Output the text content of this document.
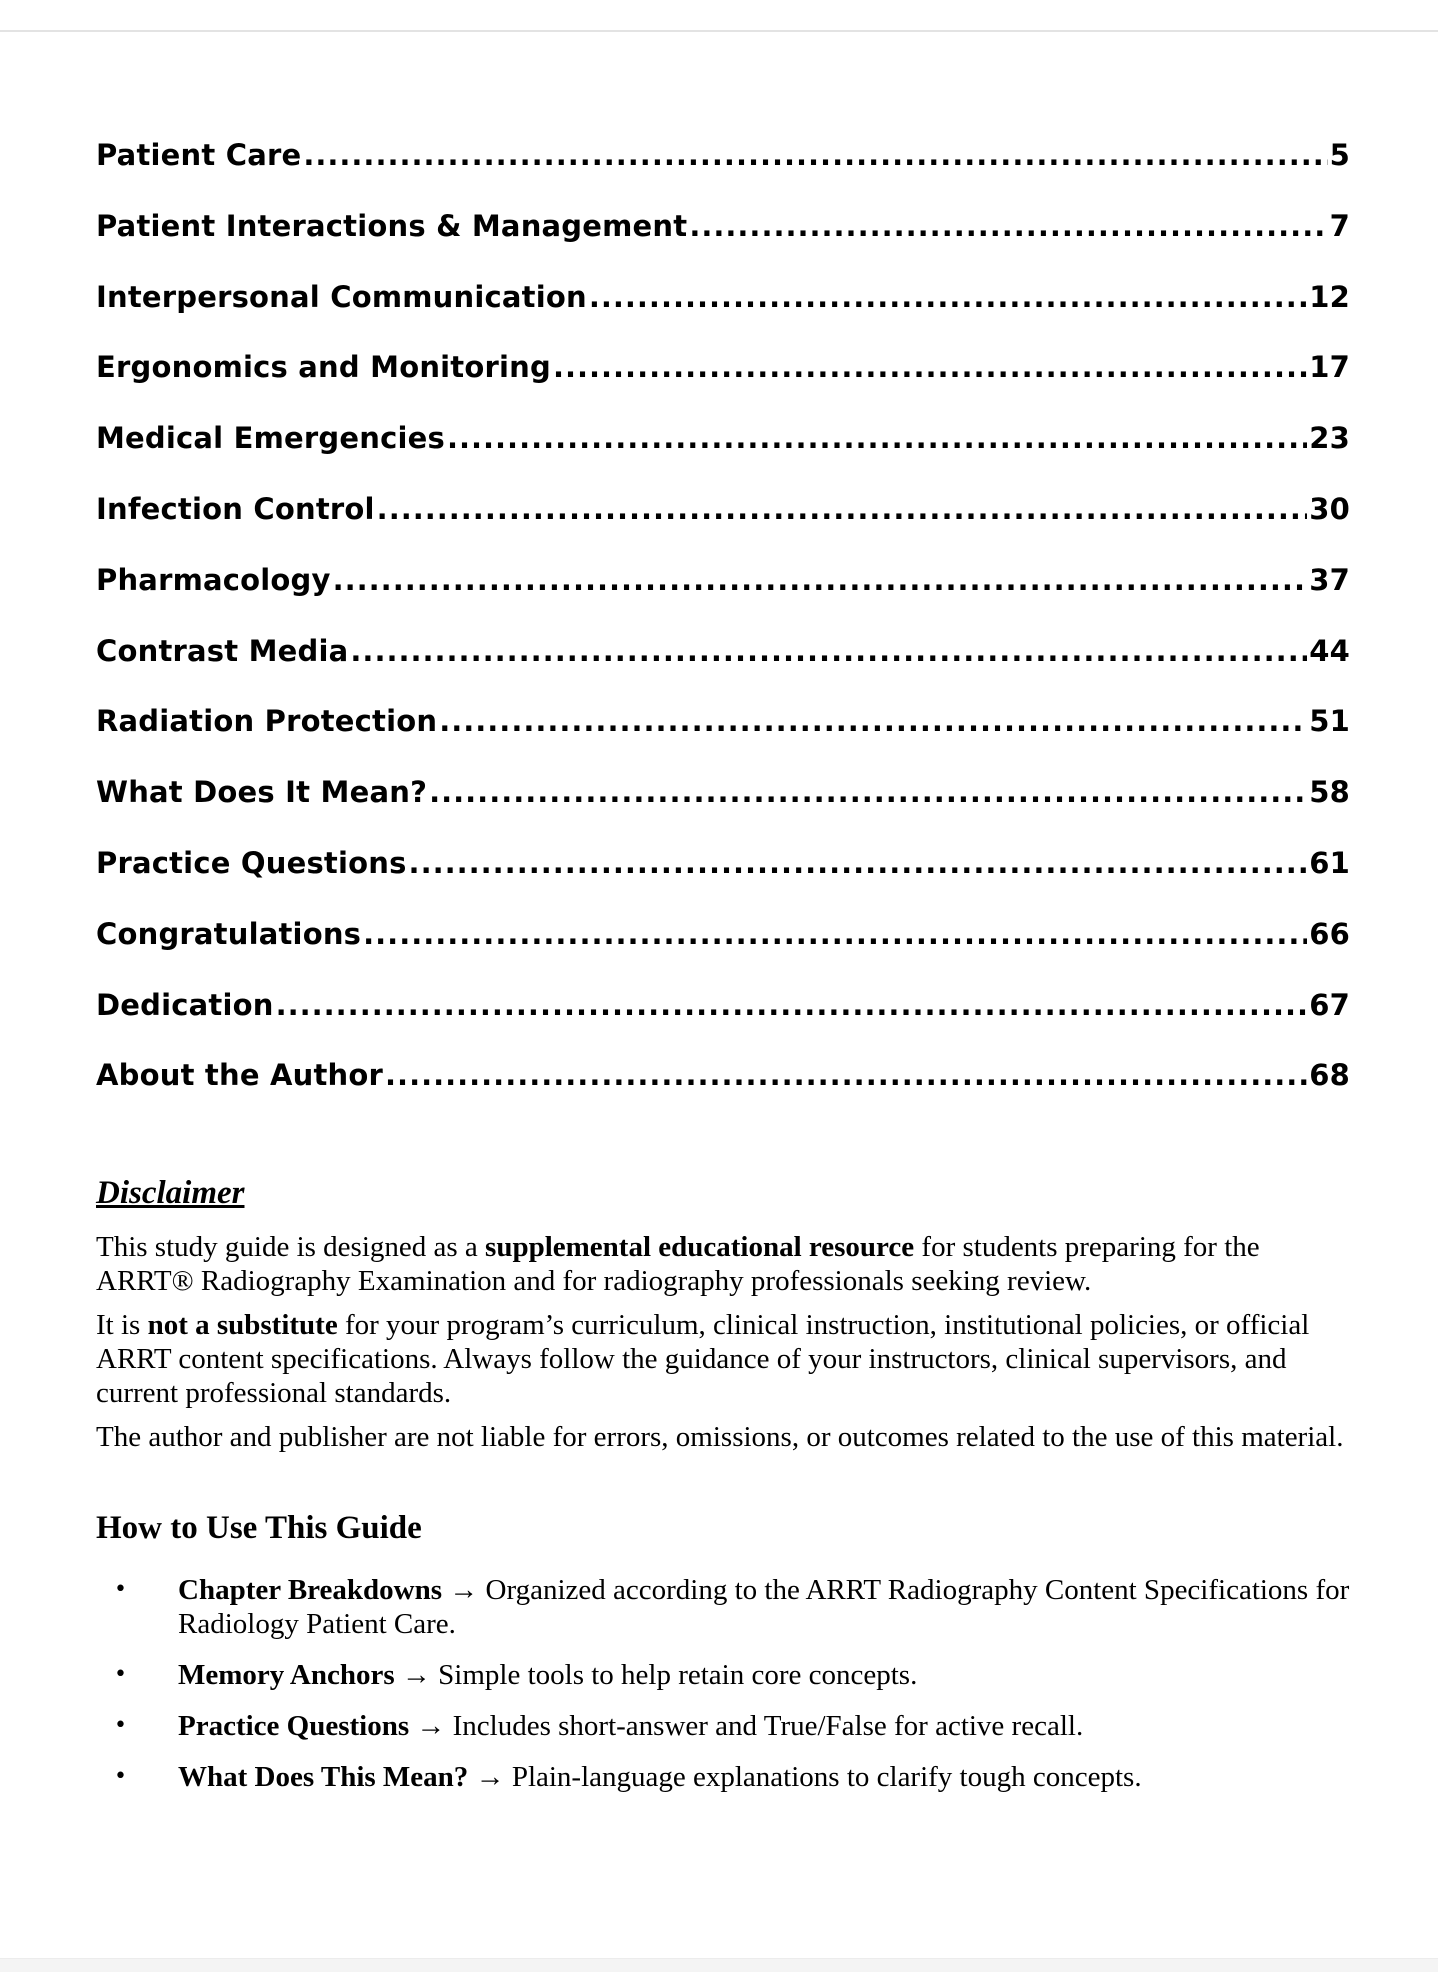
Patient Care .....	5
Patient Interactions & Management .....	7
Interpersonal Communication .....	12
Ergonomics and Monitoring .....	17
Medical Emergencies .....	23
Infection Control .....	30
Pharmacology .....	37
Contrast Media .....	44
Radiation Protection .....	51
What Does It Mean? .....	58
Practice Questions .....	61
Congratulations .....	66
Dedication .....	67
About the Author .....	68
Disclaimer

This study guide is designed as a supplemental educational resource for students preparing for the ARRT® Radiography Examination and for radiography professionals seeking review.

It is not a substitute for your program’s curriculum, clinical instruction, institutional policies, or official ARRT content specifications. Always follow the guidance of your instructors, clinical supervisors, and current professional standards.

The author and publisher are not liable for errors, omissions, or outcomes related to the use of this material.

How to Use This Guide
• Chapter Breakdowns → Organized according to the ARRT Radiography Content Specifications for Radiology Patient Care.
• Memory Anchors → Simple tools to help retain core concepts.
• Practice Questions → Includes short-answer and True/False for active recall.
• What Does This Mean? → Plain-language explanations to clarify tough concepts.
